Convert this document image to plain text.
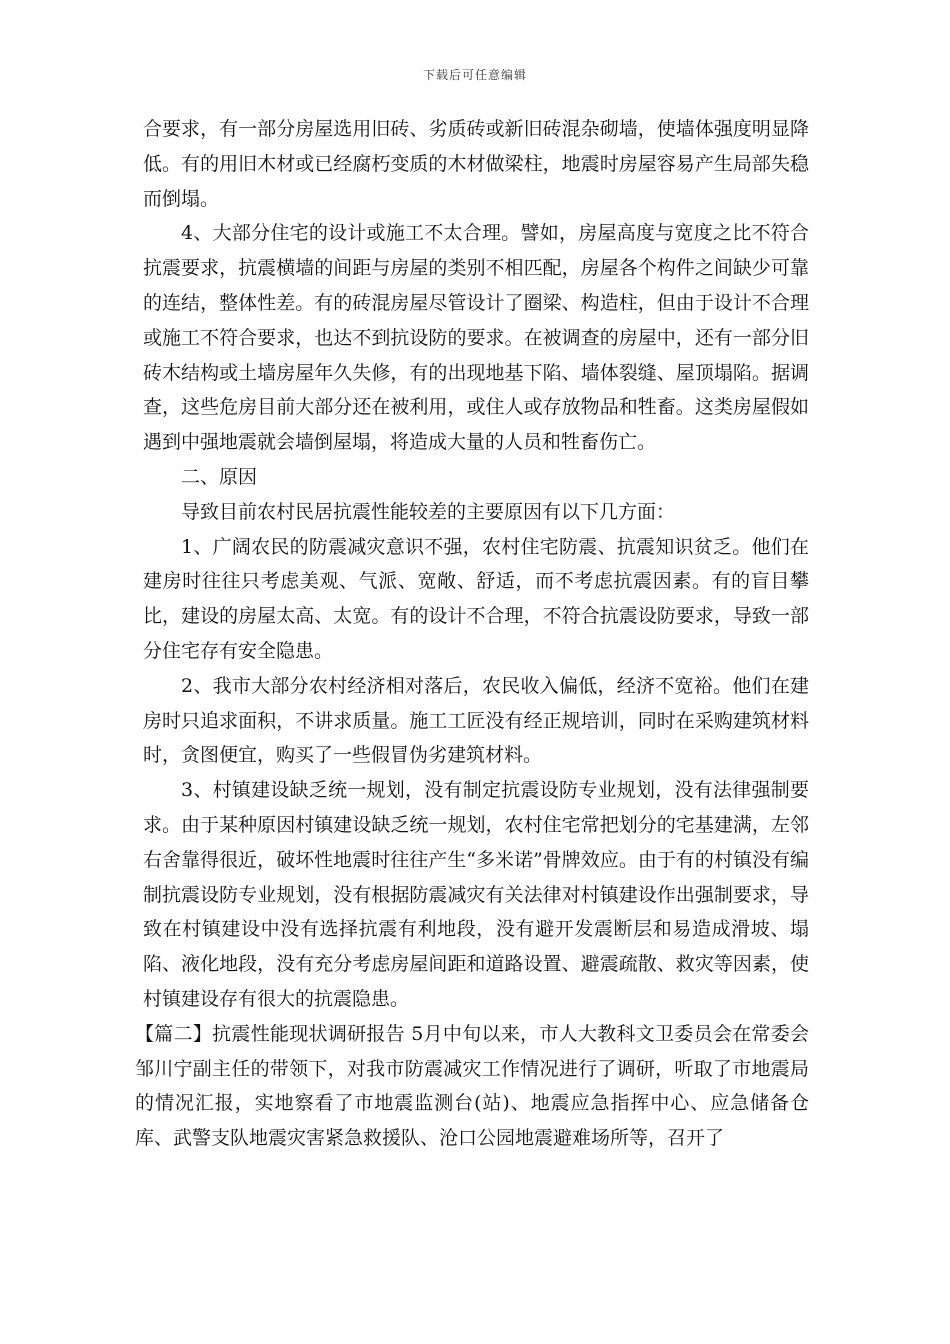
下载后可任意编辑

合要求，有一部分房屋选用旧砖、劣质砖或新旧砖混杂砌墙，使墙体强度明显降低。有的用旧木材或已经腐朽变质的木材做梁柱，地震时房屋容易产生局部失稳而倒塌。

4、大部分住宅的设计或施工不太合理。譬如，房屋高度与宽度之比不符合抗震要求，抗震横墙的间距与房屋的类别不相匹配，房屋各个构件之间缺少可靠的连结，整体性差。有的砖混房屋尽管设计了圈梁、构造柱，但由于设计不合理或施工不符合要求，也达不到抗设防的要求。在被调查的房屋中，还有一部分旧砖木结构或土墙房屋年久失修，有的出现地基下陷、墙体裂缝、屋顶塌陷。据调查，这些危房目前大部分还在被利用，或住人或存放物品和牲畜。这类房屋假如遇到中强地震就会墙倒屋塌，将造成大量的人员和牲畜伤亡。

二、原因

导致目前农村民居抗震性能较差的主要原因有以下几方面：

1、广阔农民的防震减灾意识不强，农村住宅防震、抗震知识贫乏。他们在建房时往往只考虑美观、气派、宽敞、舒适，而不考虑抗震因素。有的盲目攀比，建设的房屋太高、太宽。有的设计不合理，不符合抗震设防要求，导致一部分住宅存有安全隐患。

2、我市大部分农村经济相对落后，农民收入偏低，经济不宽裕。他们在建房时只追求面积，不讲求质量。施工工匠没有经正规培训，同时在采购建筑材料时，贪图便宜，购买了一些假冒伪劣建筑材料。

3、村镇建设缺乏统一规划，没有制定抗震设防专业规划，没有法律强制要求。由于某种原因村镇建设缺乏统一规划，农村住宅常把划分的宅基建满，左邻右舍靠得很近，破坏性地震时往往产生“多米诺”骨牌效应。由于有的村镇没有编制抗震设防专业规划，没有根据防震减灾有关法律对村镇建设作出强制要求，导致在村镇建设中没有选择抗震有利地段，没有避开发震断层和易造成滑坡、塌陷、液化地段，没有充分考虑房屋间距和道路设置、避震疏散、救灾等因素，使村镇建设存有很大的抗震隐患。

【篇二】抗震性能现状调研报告 5月中旬以来，市人大教科文卫委员会在常委会邹川宁副主任的带领下，对我市防震减灾工作情况进行了调研，听取了市地震局的情况汇报，实地察看了市地震监测台(站)、地震应急指挥中心、应急储备仓库、武警支队地震灾害紧急救援队、沧口公园地震避难场所等，召开了
